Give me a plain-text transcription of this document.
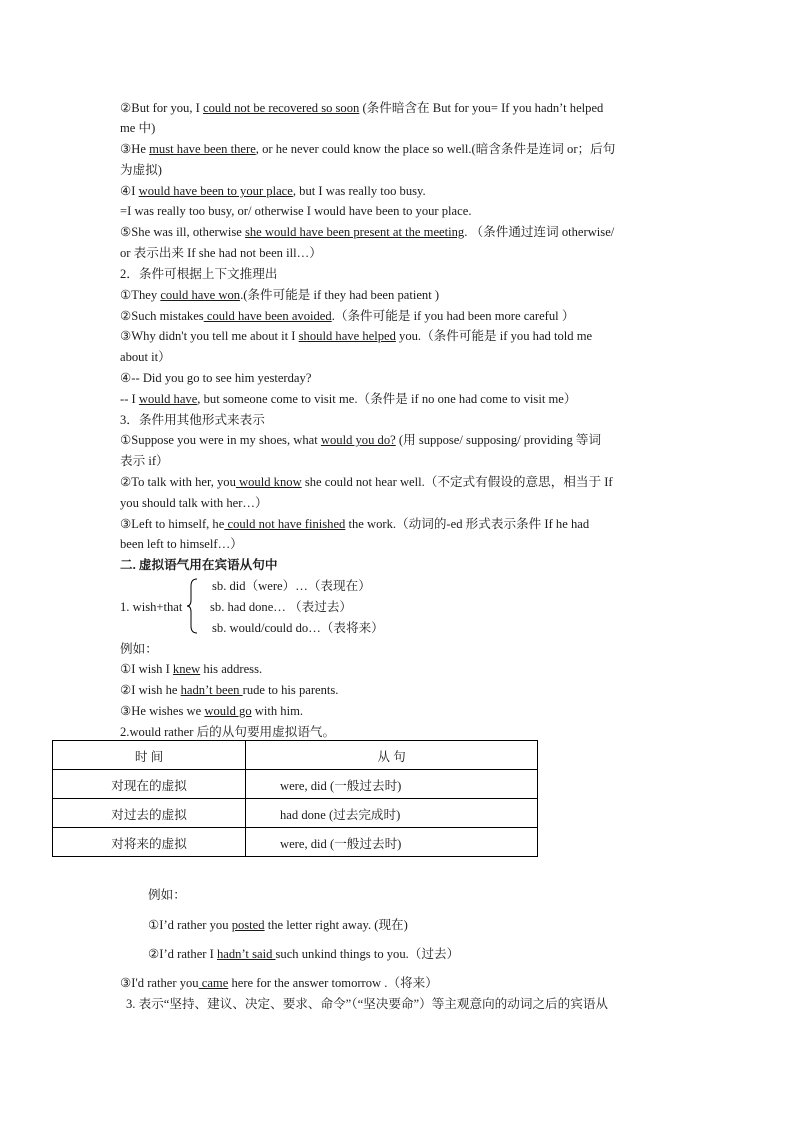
②But for you, I could not be recovered so soon (条件暗含在 But for you= If you hadn’t helped
me 中)
③He must have been there, or he never could know the place so well.(暗含条件是连词 or；后句
为虚拟)
④I would have been to your place, but I was really too busy.
=I was really too busy, or/ otherwise I would have been to your place.
⑤She was ill, otherwise she would have been present at the meeting. （条件通过连词 otherwise/
or 表示出来 If she had not been ill…）
2．条件可根据上下文推理出
①They could have won.(条件可能是 if they had been patient )
②Such mistakes could have been avoided.（条件可能是 if you had been more careful ）
③Why didn't you tell me about it I should have helped you.（条件可能是 if you had told me
about it）
④-- Did you go to see him yesterday?
-- I would have, but someone come to visit me.（条件是 if no one had come to visit me）
3．条件用其他形式来表示
①Suppose you were in my shoes, what would you do? (用 suppose/ supposing/ providing 等词
表示 if）
②To talk with her, you would know she could not hear well.（不定式有假设的意思，相当于 If
you should talk with her…）
③Left to himself, he could not have finished the work.（动词的-ed 形式表示条件 If he had
been left to himself…）
二. 虚拟语气用在宾语从句中
sb. did（were）…（表现在）
1. wish+that	sb. had done… （表过去）
sb. would/could do…（表将来）
例如：
①I wish I knew his address.
②I wish he hadn’t been rude to his parents.
③He wishes we would go with him.
2.would rather 后的从句要用虚拟语气。
例如：
①I’d rather you posted the letter right away. (现在)
②I’d rather I hadn’t said such unkind things to you.（过去）
③I'd rather you came here for the answer tomorrow .（将来）
3. 表示“坚持、建议、决定、要求、命令”（“坚决要命”）等主观意向的动词之后的宾语从
时 间	从 句
对现在的虚拟	were, did (一般过去时)
对过去的虚拟	had done (过去完成时)
对将来的虚拟	were, did (一般过去时)
